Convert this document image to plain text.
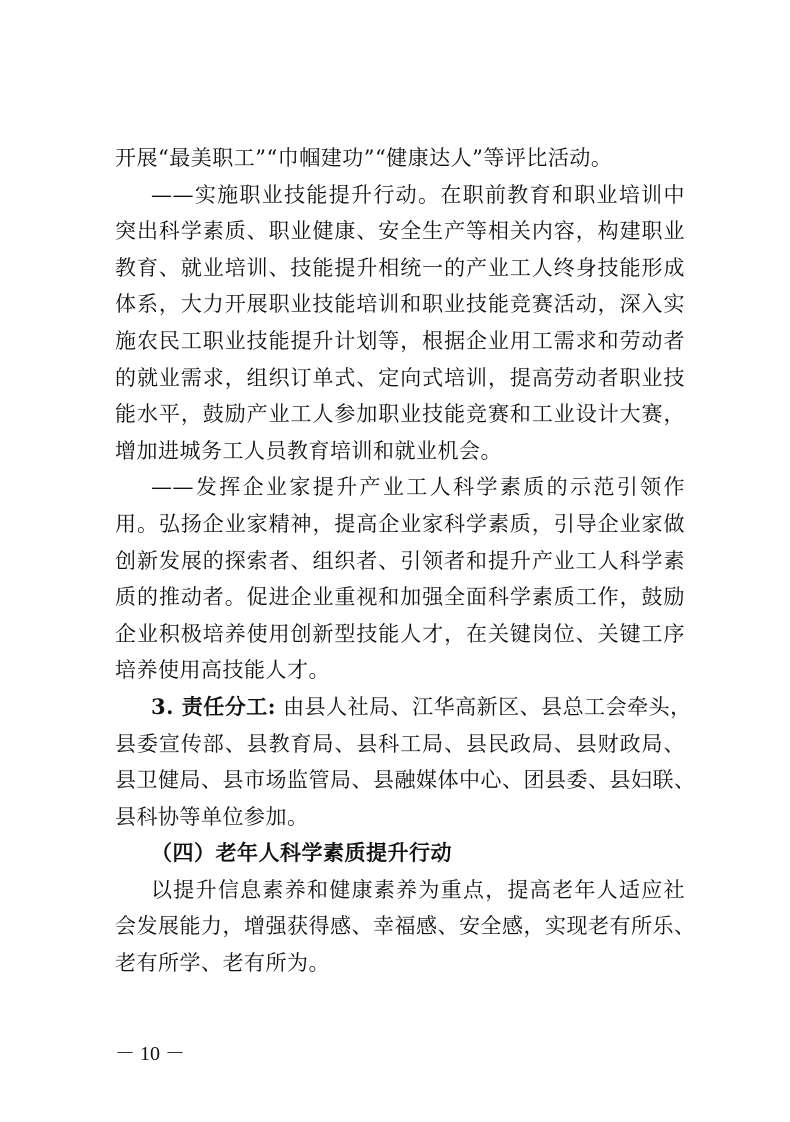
开展“最美职工”“巾帼建功”“健康达人”等评比活动。
——实施职业技能提升行动。在职前教育和职业培训中
突出科学素质、职业健康、安全生产等相关内容，构建职业
教育、就业培训、技能提升相统一的产业工人终身技能形成
体系，大力开展职业技能培训和职业技能竞赛活动，深入实
施农民工职业技能提升计划等，根据企业用工需求和劳动者
的就业需求，组织订单式、定向式培训，提高劳动者职业技
能水平，鼓励产业工人参加职业技能竞赛和工业设计大赛，
增加进城务工人员教育培训和就业机会。
——发挥企业家提升产业工人科学素质的示范引领作
用。弘扬企业家精神，提高企业家科学素质，引导企业家做
创新发展的探索者、组织者、引领者和提升产业工人科学素
质的推动者。促进企业重视和加强全面科学素质工作，鼓励
企业积极培养使用创新型技能人才，在关键岗位、关键工序
培养使用高技能人才。
3. 责任分工: 由县人社局、江华高新区、县总工会牵头，
县委宣传部、县教育局、县科工局、县民政局、县财政局、
县卫健局、县市场监管局、县融媒体中心、团县委、县妇联、
县科协等单位参加。
（四）老年人科学素质提升行动
以提升信息素养和健康素养为重点，提高老年人适应社
会发展能力，增强获得感、幸福感、安全感，实现老有所乐、
老有所学、老有所为。
－ 10 －
